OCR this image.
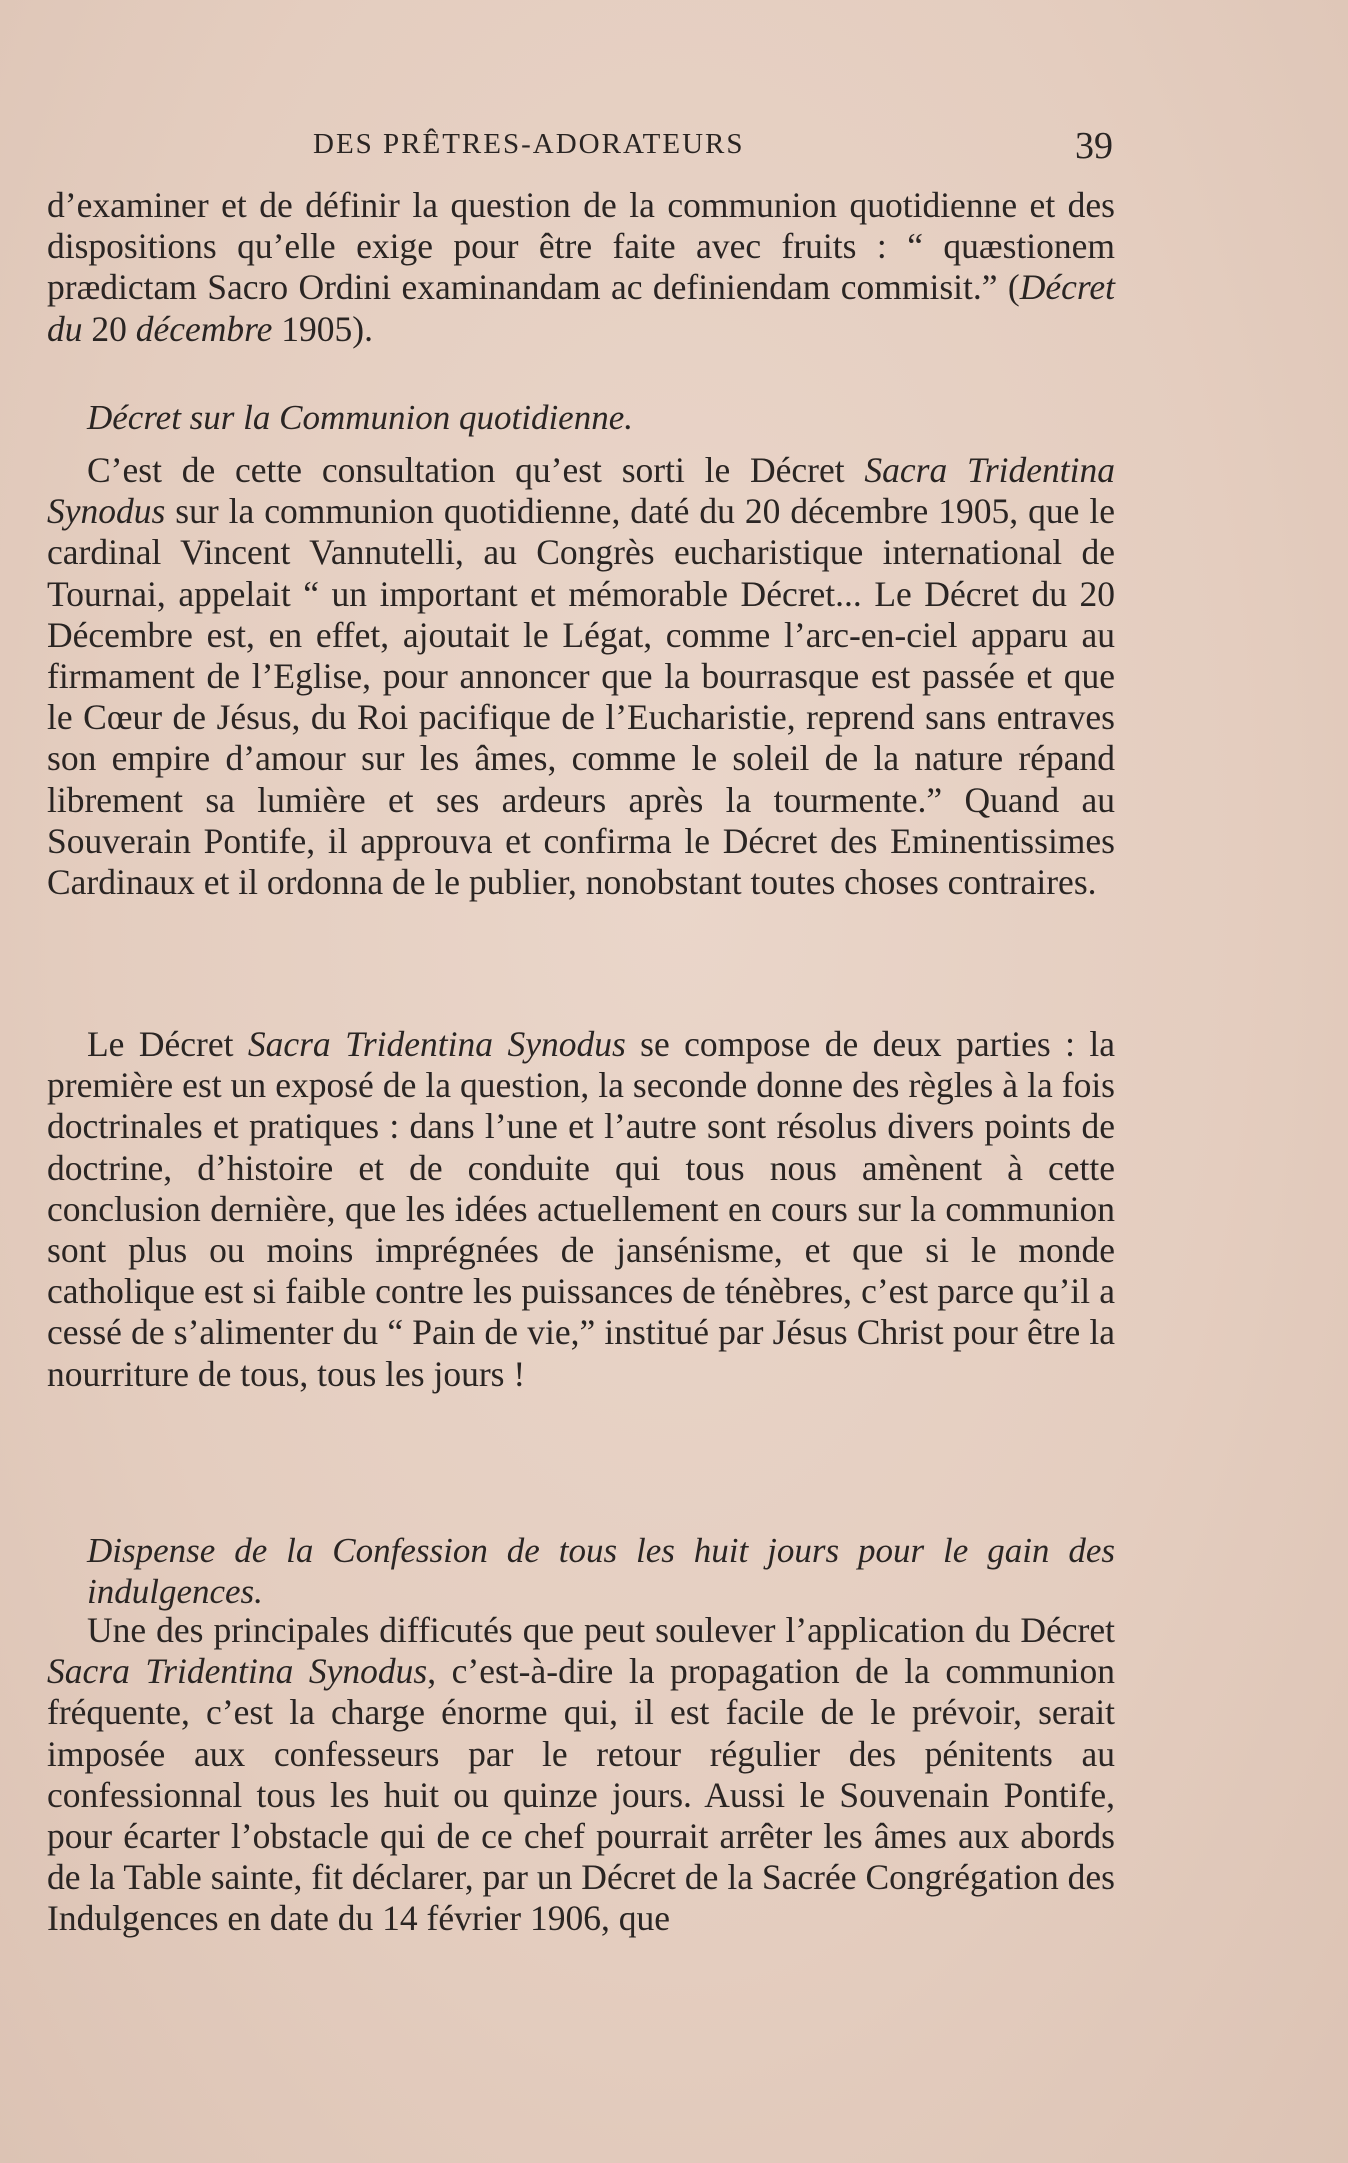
DES PRÊTRES-ADORATEURS	39

d’examiner et de définir la question de la communion quotidienne et des dispositions qu’elle exige pour être faite avec fruits : “ quæstionem prædictam Sacro Ordini examinandam ac definiendam commisit.” (Décret du 20 décembre 1905).

Décret sur la Communion quotidienne.

C’est de cette consultation qu’est sorti le Décret Sacra Tridentina Synodus sur la communion quotidienne, daté du 20 décembre 1905, que le cardinal Vincent Vannutelli, au Congrès eucharistique international de Tournai, appelait “ un important et mémorable Décret... Le Décret du 20 Décembre est, en effet, ajoutait le Légat, comme l’arc-en-ciel apparu au firmament de l’Eglise, pour annoncer que la bourrasque est passée et que le Cœur de Jésus, du Roi pacifique de l’Eucharistie, reprend sans entraves son empire d’amour sur les âmes, comme le soleil de la nature répand librement sa lumière et ses ardeurs après la tourmente.” Quand au Souverain Pontife, il approuva et confirma le Décret des Eminentissimes Cardinaux et il ordonna de le publier, nonobstant toutes choses contraires.

Le Décret Sacra Tridentina Synodus se compose de deux parties : la première est un exposé de la question, la seconde donne des règles à la fois doctrinales et pratiques : dans l’une et l’autre sont résolus divers points de doctrine, d’histoire et de conduite qui tous nous amènent à cette conclusion dernière, que les idées actuellement en cours sur la communion sont plus ou moins imprégnées de jansénisme, et que si le monde catholique est si faible contre les puissances de ténèbres, c’est parce qu’il a cessé de s’alimenter du “ Pain de vie,” institué par Jésus Christ pour être la nourriture de tous, tous les jours !

Dispense de la Confession de tous les huit jours pour le gain des indulgences.

Une des principales difficutés que peut soulever l’application du Décret Sacra Tridentina Synodus, c’est-à-dire la propagation de la communion fréquente, c’est la charge énorme qui, il est facile de le prévoir, serait imposée aux confesseurs par le retour régulier des pénitents au confessionnal tous les huit ou quinze jours. Aussi le Souvenain Pontife, pour écarter l’obstacle qui de ce chef pourrait arrêter les âmes aux abords de la Table sainte, fit déclarer, par un Décret de la Sacrée Congrégation des Indulgences en date du 14 février 1906, que
